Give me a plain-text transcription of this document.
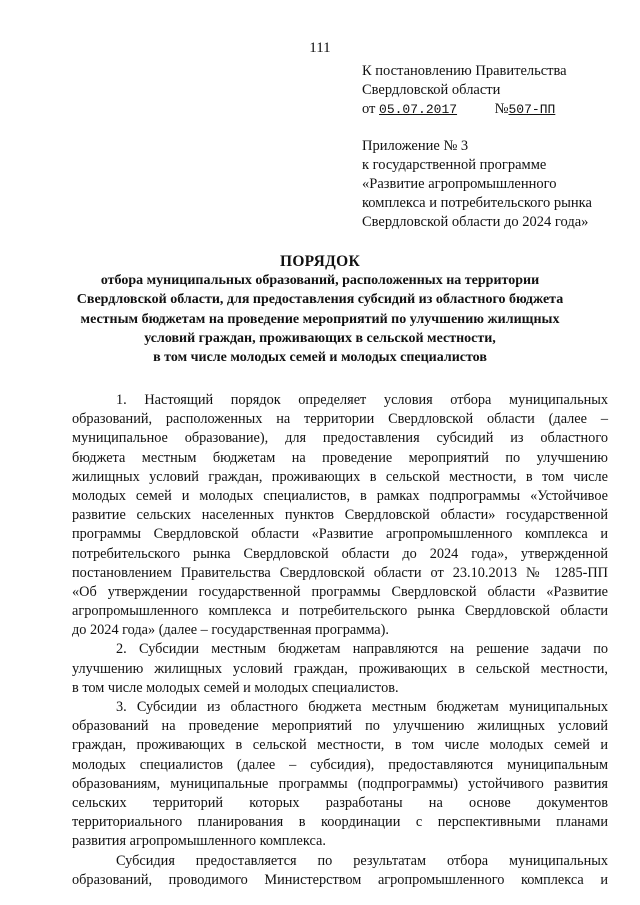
111
К постановлению Правительства
Свердловской области
от 05.07.2017	№507-ПП
Приложение № 3
к государственной программе
«Развитие агропромышленного
комплекса и потребительского рынка
Свердловской области до 2024 года»
ПОРЯДОК
отбора муниципальных образований, расположенных на территории
Свердловской области, для предоставления субсидий из областного бюджета
местным бюджетам на проведение мероприятий по улучшению жилищных
условий граждан, проживающих в сельской местности,
в том числе молодых семей и молодых специалистов
1. Настоящий порядок определяет условия отбора муниципальных
образований, расположенных на территории Свердловской области (далее –
муниципальное образование), для предоставления субсидий из областного
бюджета местным бюджетам на проведение мероприятий по улучшению
жилищных условий граждан, проживающих в сельской местности, в том числе
молодых семей и молодых специалистов, в рамках подпрограммы «Устойчивое
развитие сельских населенных пунктов Свердловской области» государственной
программы Свердловской области «Развитие агропромышленного комплекса и
потребительского рынка Свердловской области до 2024 года», утвержденной
постановлением Правительства Свердловской области от 23.10.2013 № 1285-ПП
«Об утверждении государственной программы Свердловской области «Развитие
агропромышленного комплекса и потребительского рынка Свердловской области
до 2024 года» (далее – государственная программа).
2. Субсидии местным бюджетам направляются на решение задачи по
улучшению жилищных условий граждан, проживающих в сельской местности,
в том числе молодых семей и молодых специалистов.
3. Субсидии из областного бюджета местным бюджетам муниципальных
образований на проведение мероприятий по улучшению жилищных условий
граждан, проживающих в сельской местности, в том числе молодых семей и
молодых специалистов (далее – субсидия), предоставляются муниципальным
образованиям, муниципальные программы (подпрограммы) устойчивого развития
сельских территорий которых разработаны на основе документов
территориального планирования в координации с перспективными планами
развития агропромышленного комплекса.
Субсидия предоставляется по результатам отбора муниципальных
образований, проводимого Министерством агропромышленного комплекса и
